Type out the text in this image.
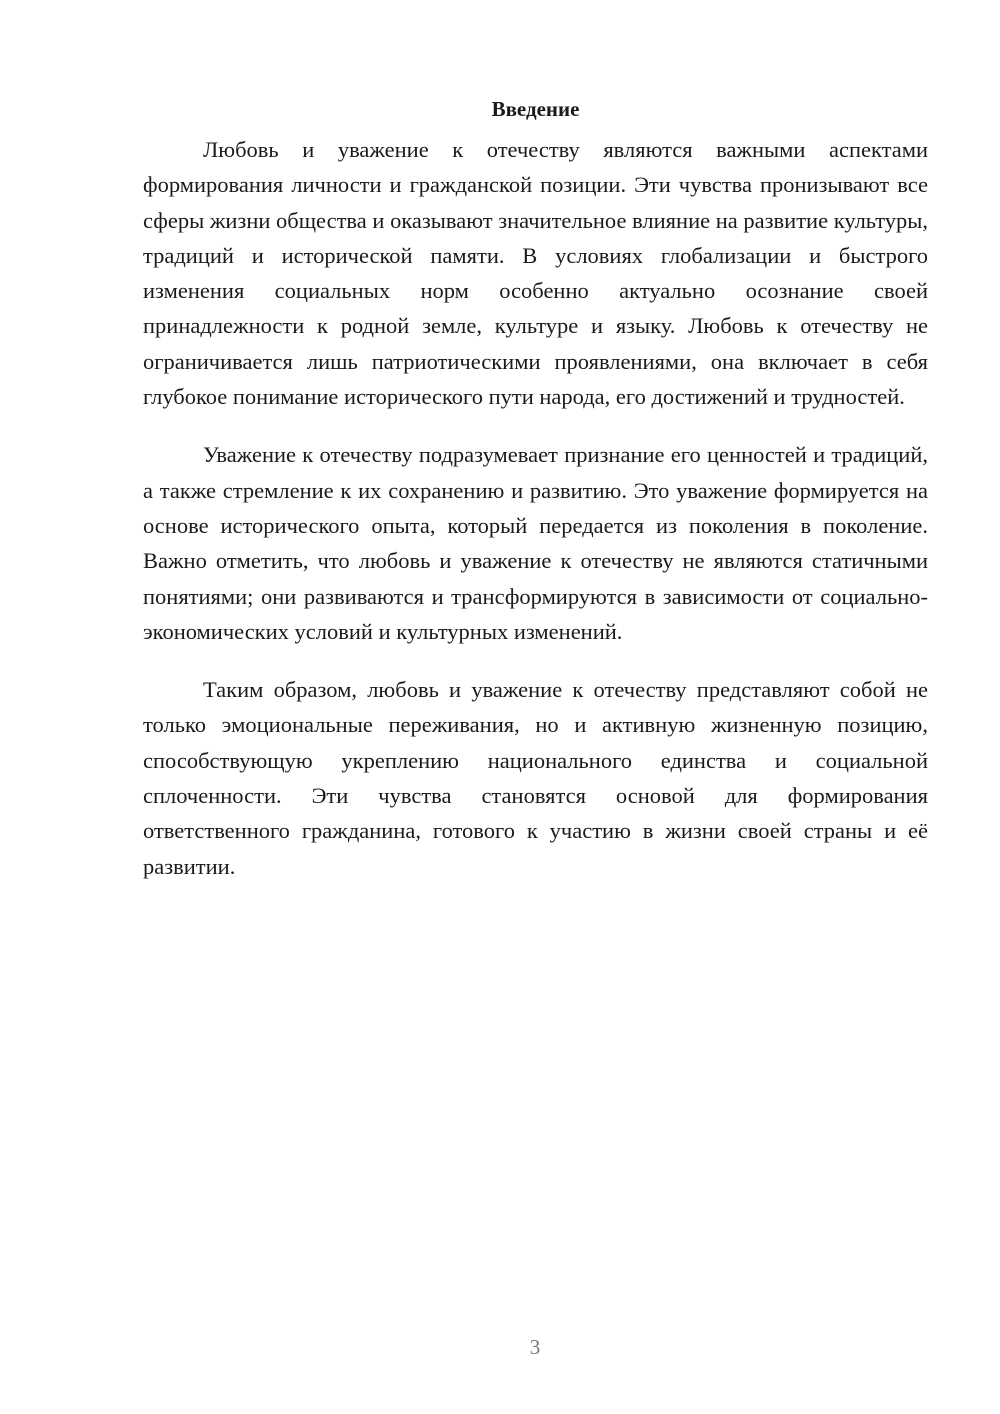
Введение

Любовь и уважение к отечеству являются важными аспектами формирования личности и гражданской позиции. Эти чувства пронизывают все сферы жизни общества и оказывают значительное влияние на развитие культуры, традиций и исторической памяти. В условиях глобализации и быстрого изменения социальных норм особенно актуально осознание своей принадлежности к родной земле, культуре и языку. Любовь к отечеству не ограничивается лишь патриотическими проявлениями, она включает в себя глубокое понимание исторического пути народа, его достижений и трудностей.

Уважение к отечеству подразумевает признание его ценностей и традиций, а также стремление к их сохранению и развитию. Это уважение формируется на основе исторического опыта, который передается из поколения в поколение. Важно отметить, что любовь и уважение к отечеству не являются статичными понятиями; они развиваются и трансформируются в зависимости от социально-экономических условий и культурных изменений.

Таким образом, любовь и уважение к отечеству представляют собой не только эмоциональные переживания, но и активную жизненную позицию, способствующую укреплению национального единства и социальной сплоченности. Эти чувства становятся основой для формирования ответственного гражданина, готового к участию в жизни своей страны и её развитии.

3
